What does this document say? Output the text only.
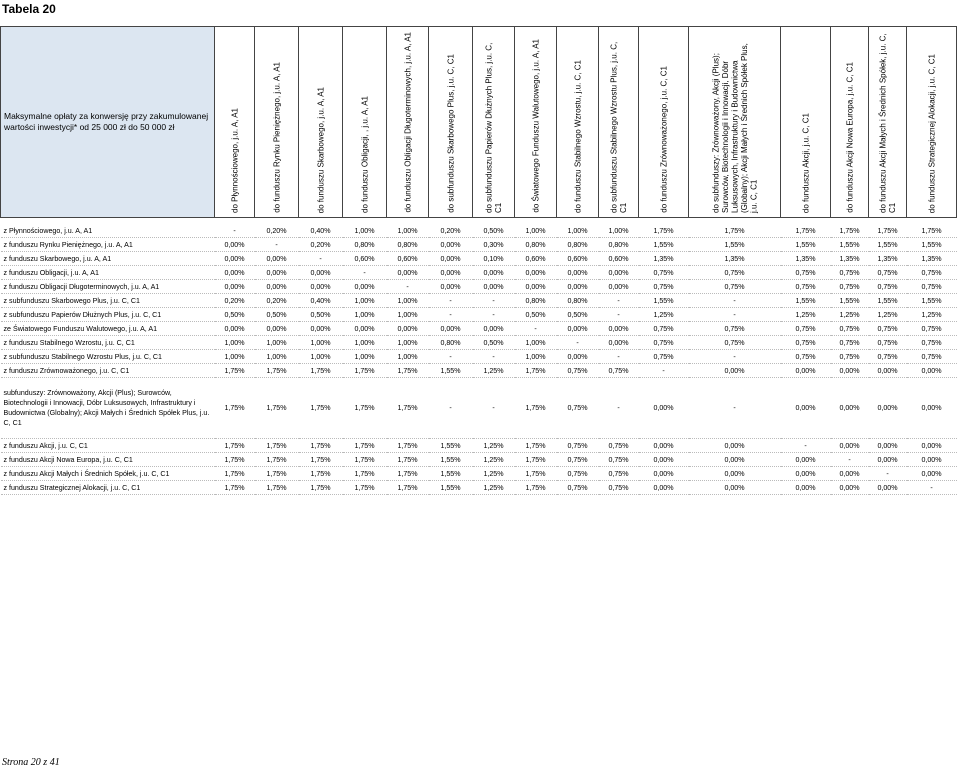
Tabela 20
Maksymalne opłaty za konwersję przy zakumulowanej wartości inwestycji* od 25 000 zł do 50 000 zł	do Płynnościowego, j.u. A, A1	do funduszu Rynku Pieniężnego, j.u. A, A1	do funduszu Skarbowego, j.u. A, A1	do funduszu Obligacji, , j.u. A, A1	do funduszu Obligacji Długoterminowych, j.u. A, A1	do subfunduszu Skarbowego Plus, j.u. C, C1	do subfunduszu Papierów Dłużnych Plus, j.u. C, C1	do Światowego Funduszu Walutowego, j.u. A, A1	do funduszu Stabilnego Wzrostu, j.u. C, C1	do subfunduszu Stabilnego Wzrostu Plus, j.u. C, C1	do funduszu Zrównoważonego, j.u. C, C1	do subfunduszy: Zrównoważony, Akcji (Plus); Surowców, Biotechnologii i Innowacji, Dóbr Luksusowych, Infrastruktury i Budownictwa (Globalny); Akcji Małych i Średnich Spółek Plus, j.u. C, C1	do funduszu Akcji, j.u. C, C1	do funduszu Akcji Nowa Europa, j.u. C, C1	do funduszu Akcji Małych i Średnich Spółek, j.u. C, C1	do funduszu Strategicznej Alokacji, j.u. C, C1

z Płynnościowego, j.u. A, A1	-	0,20%	0,40%	1,00%	1,00%	0,20%	0,50%	1,00%	1,00%	1,00%	1,75%	1,75%	1,75%	1,75%	1,75%	1,75%
z funduszu Rynku Pieniężnego, j.u. A, A1	0,00%	-	0,20%	0,80%	0,80%	0,00%	0,30%	0,80%	0,80%	0,80%	1,55%	1,55%	1,55%	1,55%	1,55%	1,55%
z funduszu Skarbowego, j.u. A, A1	0,00%	0,00%	-	0,60%	0,60%	0,00%	0,10%	0,60%	0,60%	0,60%	1,35%	1,35%	1,35%	1,35%	1,35%	1,35%
z funduszu Obligacji, j.u. A, A1	0,00%	0,00%	0,00%	-	0,00%	0,00%	0,00%	0,00%	0,00%	0,00%	0,75%	0,75%	0,75%	0,75%	0,75%	0,75%
z funduszu Obligacji Długoterminowych, j.u. A, A1	0,00%	0,00%	0,00%	0,00%	-	0,00%	0,00%	0,00%	0,00%	0,00%	0,75%	0,75%	0,75%	0,75%	0,75%	0,75%
z subfunduszu Skarbowego Plus, j.u. C, C1	0,20%	0,20%	0,40%	1,00%	1,00%	-	-	0,80%	0,80%	-	1,55%	-	1,55%	1,55%	1,55%	1,55%
z subfunduszu Papierów Dłużnych Plus, j.u. C, C1	0,50%	0,50%	0,50%	1,00%	1,00%	-	-	0,50%	0,50%	-	1,25%	-	1,25%	1,25%	1,25%	1,25%
ze Światowego Funduszu Walutowego, j.u. A, A1	0,00%	0,00%	0,00%	0,00%	0,00%	0,00%	0,00%	-	0,00%	0,00%	0,75%	0,75%	0,75%	0,75%	0,75%	0,75%
z funduszu Stabilnego Wzrostu, j.u. C, C1	1,00%	1,00%	1,00%	1,00%	1,00%	0,80%	0,50%	1,00%	-	0,00%	0,75%	0,75%	0,75%	0,75%	0,75%	0,75%
z subfunduszu Stabilnego Wzrostu Plus, j.u. C, C1	1,00%	1,00%	1,00%	1,00%	1,00%	-	-	1,00%	0,00%	-	0,75%	-	0,75%	0,75%	0,75%	0,75%
z funduszu Zrównoważonego, j.u. C, C1	1,75%	1,75%	1,75%	1,75%	1,75%	1,55%	1,25%	1,75%	0,75%	0,75%	-	0,00%	0,00%	0,00%	0,00%	0,00%
subfunduszy: Zrównoważony, Akcji (Plus); Surowców, Biotechnologii i Innowacji, Dóbr Luksusowych, Infrastruktury i Budownictwa (Globalny); Akcji Małych i Średnich Spółek Plus, j.u. C, C1	1,75%	1,75%	1,75%	1,75%	1,75%	-	-	1,75%	0,75%	-	0,00%	-	0,00%	0,00%	0,00%	0,00%
z funduszu Akcji, j.u. C, C1	1,75%	1,75%	1,75%	1,75%	1,75%	1,55%	1,25%	1,75%	0,75%	0,75%	0,00%	0,00%	-	0,00%	0,00%	0,00%
z funduszu Akcji Nowa Europa, j.u. C, C1	1,75%	1,75%	1,75%	1,75%	1,75%	1,55%	1,25%	1,75%	0,75%	0,75%	0,00%	0,00%	0,00%	-	0,00%	0,00%
z funduszu Akcji Małych i Średnich Spółek, j.u. C, C1	1,75%	1,75%	1,75%	1,75%	1,75%	1,55%	1,25%	1,75%	0,75%	0,75%	0,00%	0,00%	0,00%	0,00%	-	0,00%
z funduszu Strategicznej Alokacji, j.u. C, C1	1,75%	1,75%	1,75%	1,75%	1,75%	1,55%	1,25%	1,75%	0,75%	0,75%	0,00%	0,00%	0,00%	0,00%	0,00%	-
Strona 20 z 41
